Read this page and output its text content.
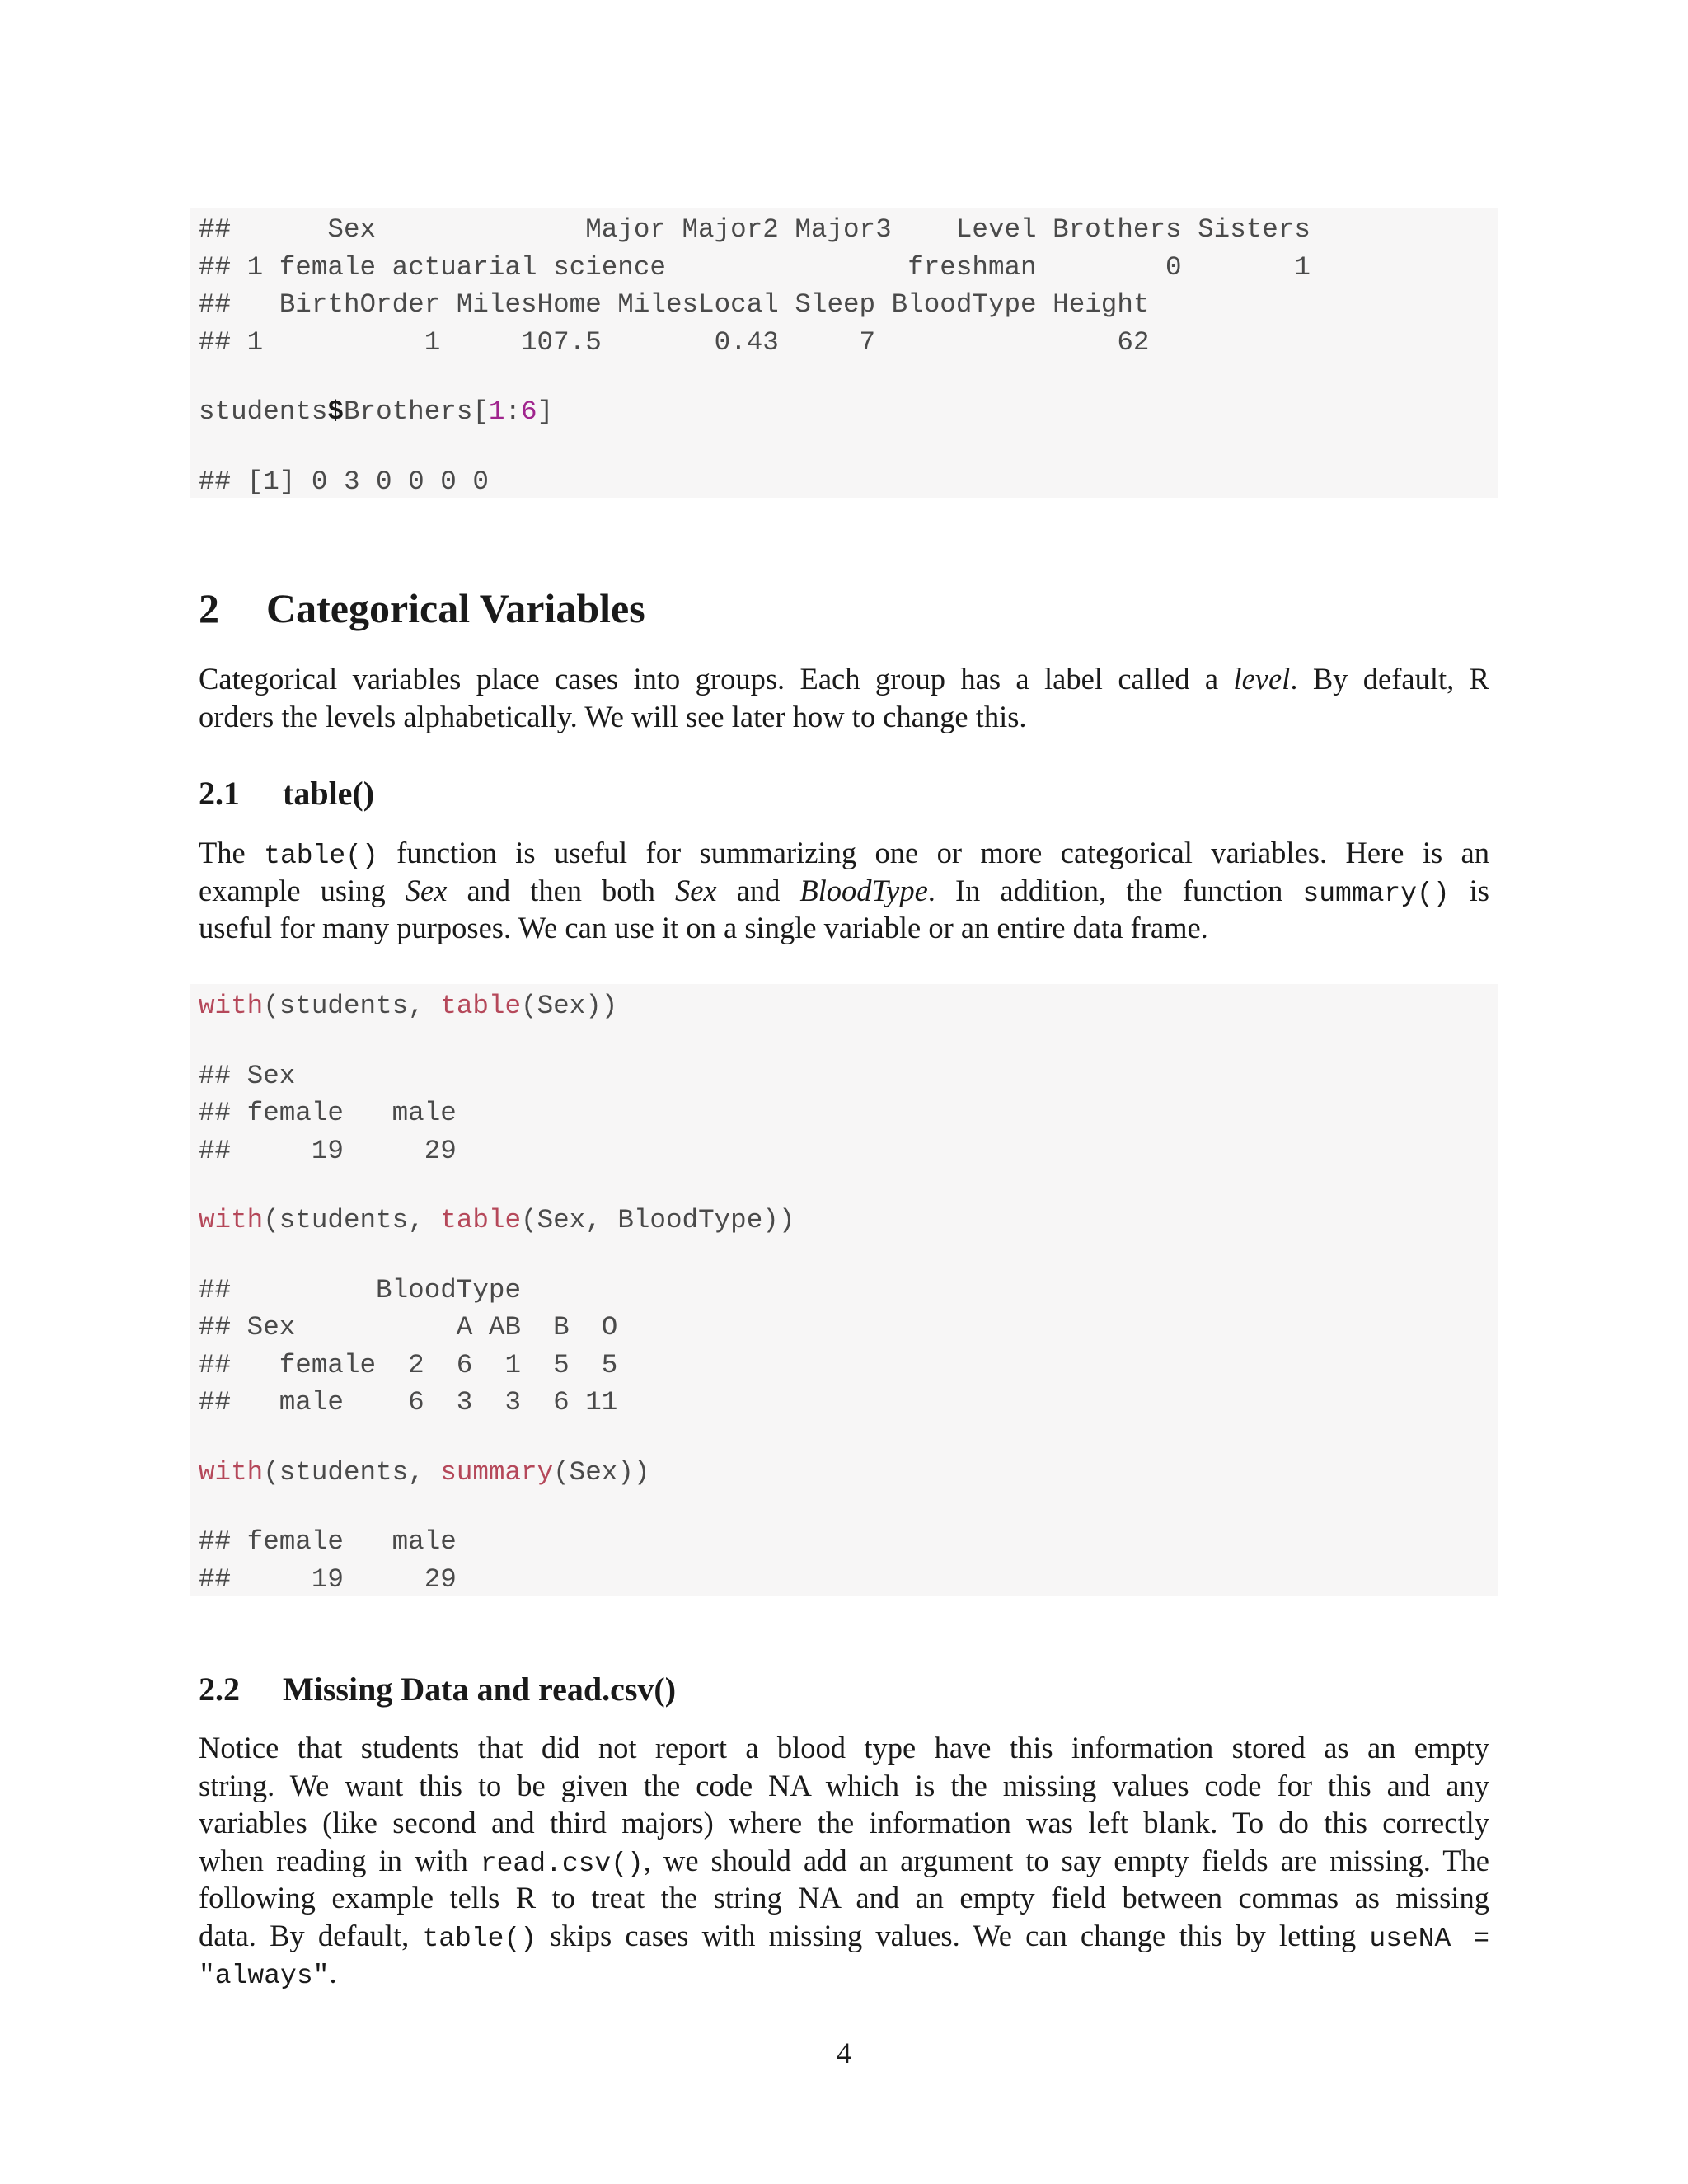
##      Sex             Major Major2 Major3    Level Brothers Sisters
## 1 female actuarial science               freshman        0       1
##   BirthOrder MilesHome MilesLocal Sleep BloodType Height
## 1          1     107.5       0.43     7               62
students$Brothers[1:6]
## [1] 0 3 0 0 0 0
2 Categorical Variables
Categorical variables place cases into groups. Each group has a label called a level. By default, R
orders the levels alphabetically. We will see later how to change this.
2.1 table()
The table() function is useful for summarizing one or more categorical variables. Here is an
example using Sex and then both Sex and BloodType. In addition, the function summary() is
useful for many purposes. We can use it on a single variable or an entire data frame.
with(students, table(Sex))
## Sex
## female   male
##     19     29
with(students, table(Sex, BloodType))
##         BloodType
## Sex          A AB  B  O
##   female  2  6  1  5  5
##   male    6  3  3  6 11
with(students, summary(Sex))
## female   male
##     19     29
2.2 Missing Data and read.csv()
Notice that students that did not report a blood type have this information stored as an empty
string. We want this to be given the code NA which is the missing values code for this and any
variables (like second and third majors) where the information was left blank. To do this correctly
when reading in with read.csv(), we should add an argument to say empty fields are missing. The
following example tells R to treat the string NA and an empty field between commas as missing
data. By default, table() skips cases with missing values. We can change this by letting useNA =
"always".
4
